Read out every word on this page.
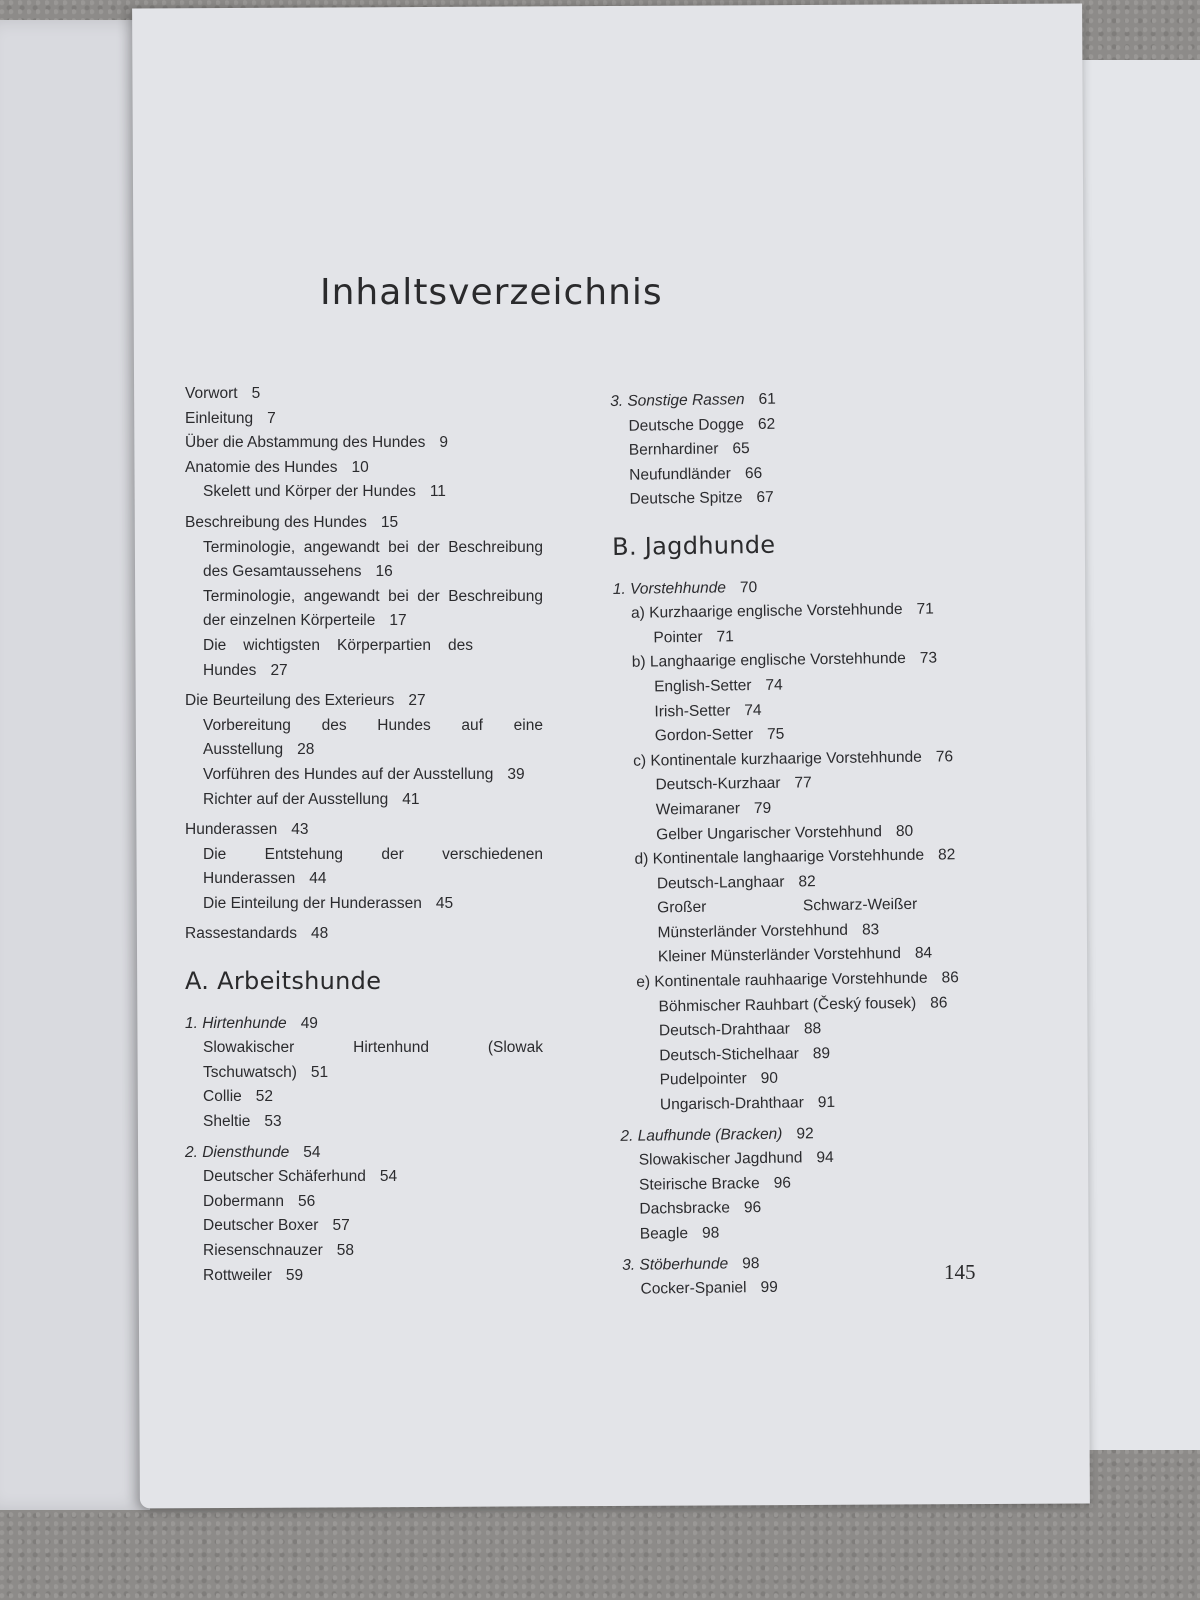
Inhaltsverzeichnis
Vorwort 5
Einleitung 7
Über die Abstammung des Hundes 9
Anatomie des Hundes 10
Skelett und Körper der Hundes 11
Beschreibung des Hundes 15
Terminologie, angewandt bei der Beschreibung des Gesamtaussehens 16
Terminologie, angewandt bei der Beschreibung der einzelnen Körperteile 17
Die wichtigsten Körperpartien des Hundes 27
Die Beurteilung des Exterieurs 27
Vorbereitung des Hundes auf eine Ausstellung 28
Vorführen des Hundes auf der Ausstellung 39
Richter auf der Ausstellung 41
Hunderassen 43
Die Entstehung der verschiedenen Hunderassen 44
Die Einteilung der Hunderassen 45
Rassestandards 48
A. Arbeitshunde
1. Hirtenhunde 49
Slowakischer Hirtenhund (Slowak Tschuwatsch) 51
Collie 52
Sheltie 53
2. Diensthunde 54
Deutscher Schäferhund 54
Dobermann 56
Deutscher Boxer 57
Riesenschnauzer 58
Rottweiler 59
3. Sonstige Rassen 61
Deutsche Dogge 62
Bernhardiner 65
Neufundländer 66
Deutsche Spitze 67
B. Jagdhunde
1. Vorstehhunde 70
a) Kurzhaarige englische Vorstehhunde 71
Pointer 71
b) Langhaarige englische Vorstehhunde 73
English-Setter 74
Irish-Setter 74
Gordon-Setter 75
c) Kontinentale kurzhaarige Vorstehhunde 76
Deutsch-Kurzhaar 77
Weimaraner 79
Gelber Ungarischer Vorstehhund 80
d) Kontinentale langhaarige Vorstehhunde 82
Deutsch-Langhaar 82
Großer Schwarz-Weißer Münsterländer Vorstehhund 83
Kleiner Münsterländer Vorstehhund 84
e) Kontinentale rauhhaarige Vorstehhunde 86
Böhmischer Rauhbart (Český fousek) 86
Deutsch-Drahthaar 88
Deutsch-Stichelhaar 89
Pudelpointer 90
Ungarisch-Drahthaar 91
2. Laufhunde (Bracken) 92
Slowakischer Jagdhund 94
Steirische Bracke 96
Dachsbracke 96
Beagle 98
3. Stöberhunde 98
Cocker-Spaniel 99
145
